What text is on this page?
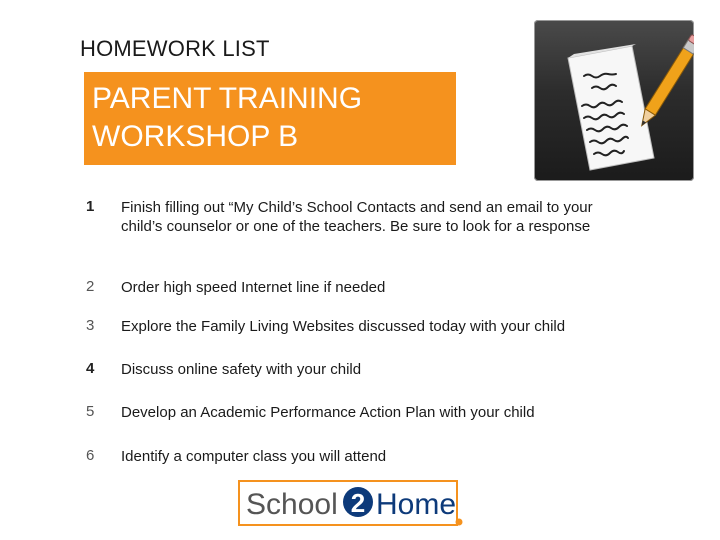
HOMEWORK LIST
PARENT TRAINING
WORKSHOP B
1	Finish filling out “My Child’s School Contacts and send an email to your child’s counselor or one of the teachers. Be sure to look for a response
2	Order high speed Internet line if needed
3	Explore the Family Living Websites discussed today with your child
4	Discuss online safety with your child
5	Develop an Academic Performance Action Plan with your child
6	Identify a computer class you will attend
School 2 Home
